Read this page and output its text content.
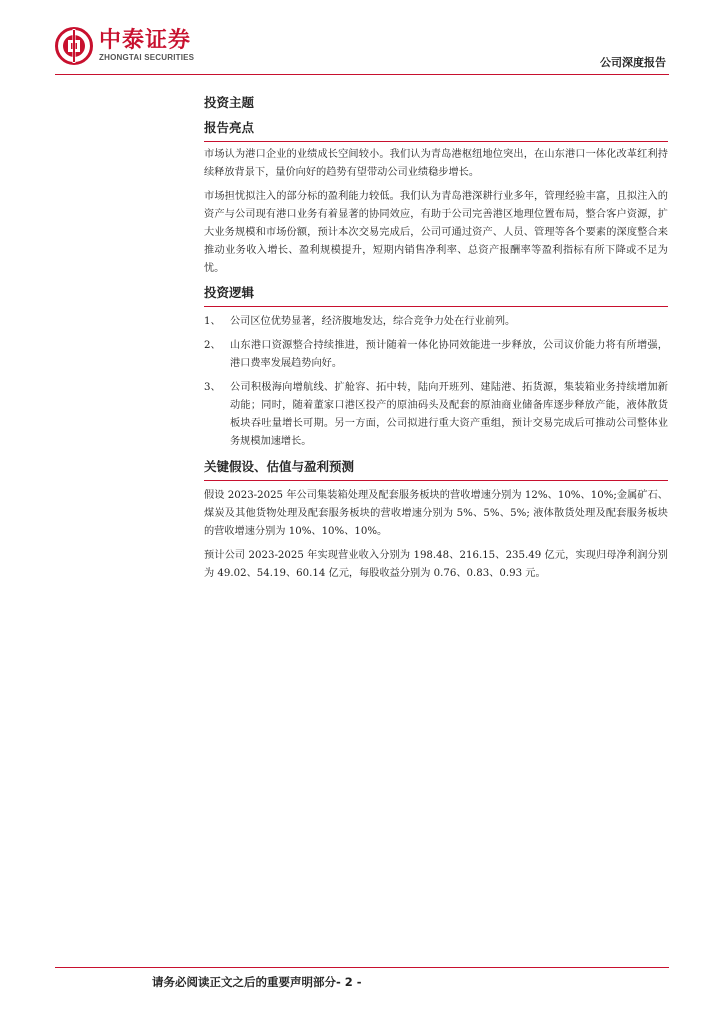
中泰证券
ZHONGTAI SECURITIES	公司深度报告
投资主题
报告亮点

市场认为港口企业的业绩成长空间较小。我们认为青岛港枢纽地位突出，在山东港口一体化改革红利持续释放背景下，量价向好的趋势有望带动公司业绩稳步增长。

市场担忧拟注入的部分标的盈利能力较低。我们认为青岛港深耕行业多年，管理经验丰富，且拟注入的资产与公司现有港口业务有着显著的协同效应，有助于公司完善港区地理位置布局，整合客户资源，扩大业务规模和市场份额，预计本次交易完成后，公司可通过资产、人员、管理等各个要素的深度整合来推动业务收入增长、盈利规模提升，短期内销售净利率、总资产报酬率等盈利指标有所下降或不足为忧。

投资逻辑
1、 公司区位优势显著，经济腹地发达，综合竞争力处在行业前列。
2、 山东港口资源整合持续推进，预计随着一体化协同效能进一步释放，公司议价能力将有所增强，港口费率发展趋势向好。
3、 公司积极海向增航线、扩舱容、拓中转，陆向开班列、建陆港、拓货源，集装箱业务持续增加新动能；同时，随着董家口港区投产的原油码头及配套的原油商业储备库逐步释放产能，液体散货板块吞吐量增长可期。另一方面，公司拟进行重大资产重组，预计交易完成后可推动公司整体业务规模加速增长。
关键假设、估值与盈利预测

假设 2023-2025 年公司集装箱处理及配套服务板块的营收增速分别为 12%、10%、10%;金属矿石、煤炭及其他货物处理及配套服务板块的营收增速分别为 5%、5%、5%; 液体散货处理及配套服务板块的营收增速分别为 10%、10%、10%。

预计公司 2023-2025 年实现营业收入分别为 198.48、216.15、235.49 亿元，实现归母净利润分别为 49.02、54.19、60.14 亿元，每股收益分别为 0.76、0.83、0.93 元。

请务必阅读正文之后的重要声明部分- 2 -
